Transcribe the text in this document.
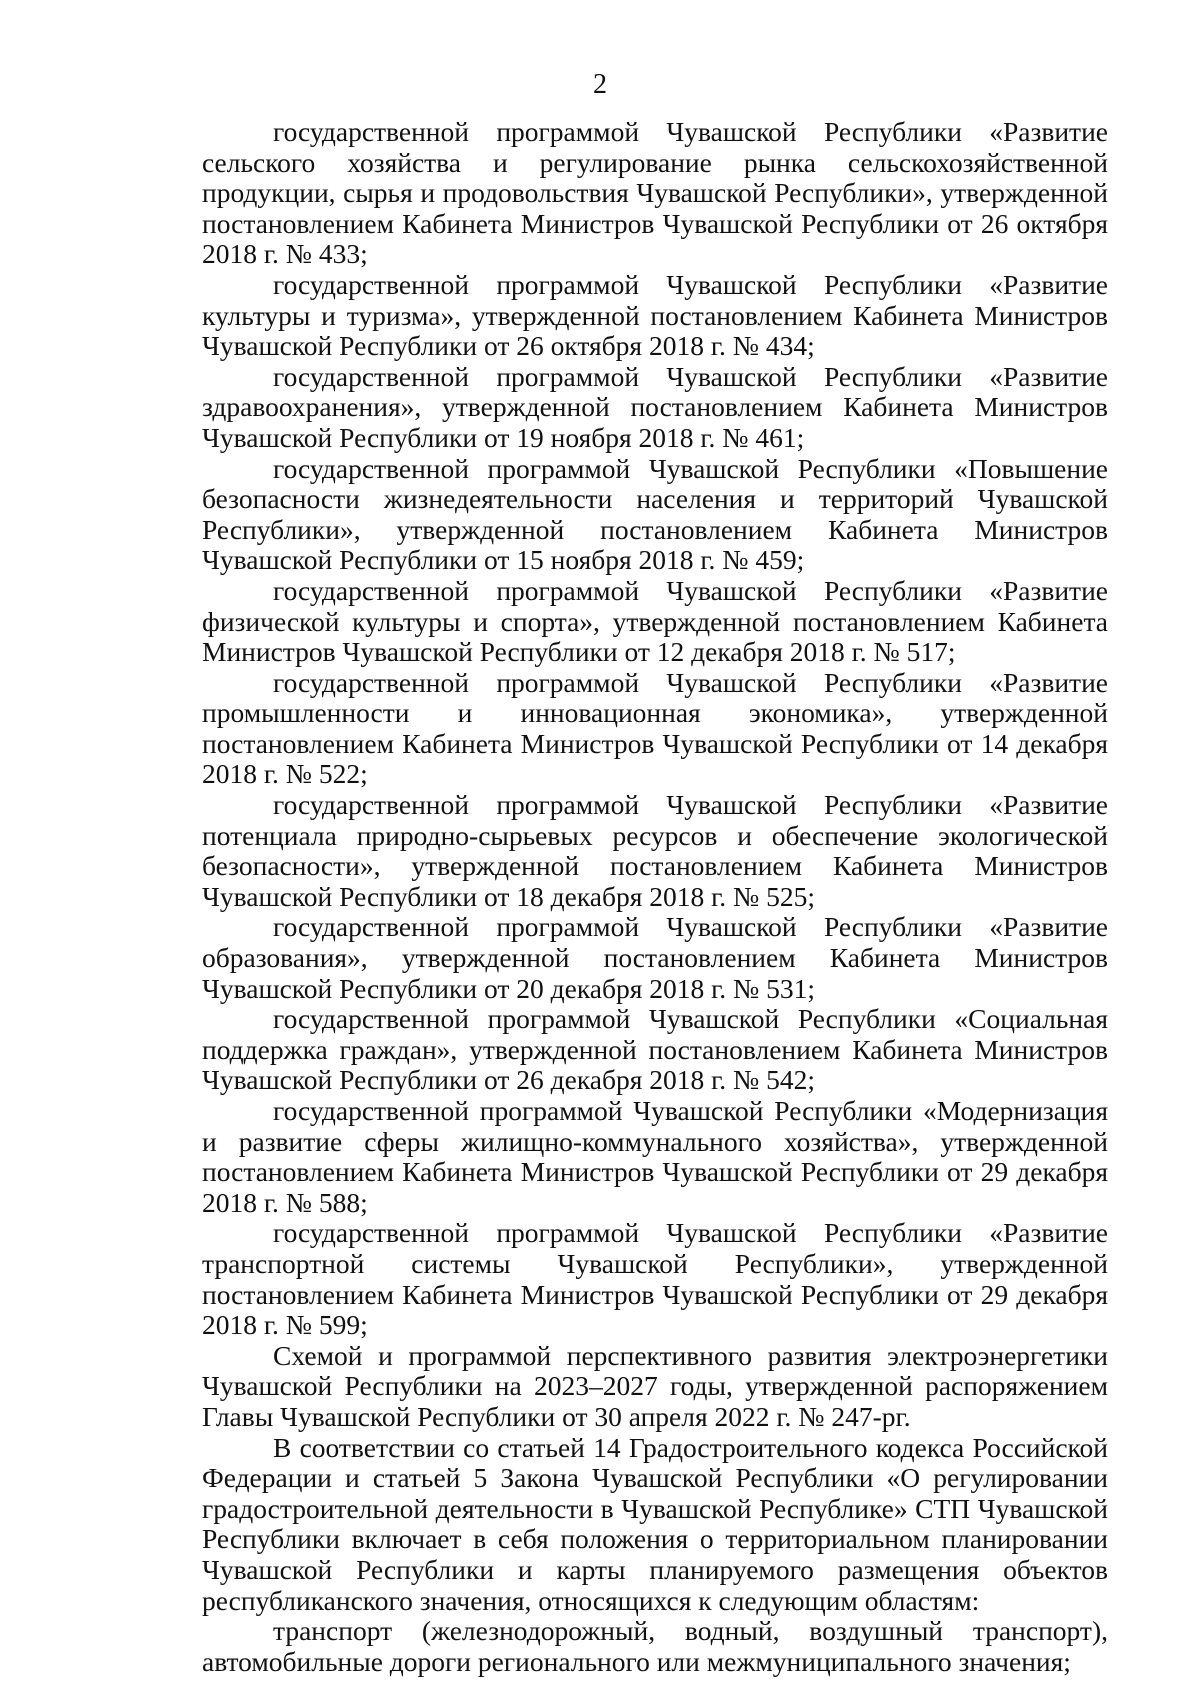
2

государственной программой Чувашской Республики «Развитие сельского хозяйства и регулирование рынка сельскохозяйственной продукции, сырья и продовольствия Чувашской Республики», утвержденной постановлением Кабинета Министров Чувашской Республики от 26 октября 2018 г. № 433;

государственной программой Чувашской Республики «Развитие культуры и туризма», утвержденной постановлением Кабинета Министров Чувашской Республики от 26 октября 2018 г. № 434;

государственной программой Чувашской Республики «Развитие здравоохранения», утвержденной постановлением Кабинета Министров Чувашской Республики от 19 ноября 2018 г. № 461;

государственной программой Чувашской Республики «Повышение безопасности жизнедеятельности населения и территорий Чувашской Республики», утвержденной постановлением Кабинета Министров Чувашской Республики от 15 ноября 2018 г. № 459;

государственной программой Чувашской Республики «Развитие физической культуры и спорта», утвержденной постановлением Кабинета Министров Чувашской Республики от 12 декабря 2018 г. № 517;

государственной программой Чувашской Республики «Развитие промышленности и инновационная экономика», утвержденной постановлением Кабинета Министров Чувашской Республики от 14 декабря 2018 г. № 522;

государственной программой Чувашской Республики «Развитие потенциала природно-сырьевых ресурсов и обеспечение экологической безопасности», утвержденной постановлением Кабинета Министров Чувашской Республики от 18 декабря 2018 г. № 525;

государственной программой Чувашской Республики «Развитие образования», утвержденной постановлением Кабинета Министров Чувашской Республики от 20 декабря 2018 г. № 531;

государственной программой Чувашской Республики «Социальная поддержка граждан», утвержденной постановлением Кабинета Министров Чувашской Республики от 26 декабря 2018 г. № 542;

государственной программой Чувашской Республики «Модернизация и развитие сферы жилищно-коммунального хозяйства», утвержденной постановлением Кабинета Министров Чувашской Республики от 29 декабря 2018 г. № 588;

государственной программой Чувашской Республики «Развитие транспортной системы Чувашской Республики», утвержденной постановлением Кабинета Министров Чувашской Республики от 29 декабря 2018 г. № 599;

Схемой и программой перспективного развития электроэнергетики Чувашской Республики на 2023–2027 годы, утвержденной распоряжением Главы Чувашской Республики от 30 апреля 2022 г. № 247-рг.

В соответствии со статьей 14 Градостроительного кодекса Российской Федерации и статьей 5 Закона Чувашской Республики «О регулировании градостроительной деятельности в Чувашской Республике» СТП Чувашской Республики включает в себя положения о территориальном планировании Чувашской Республики и карты планируемого размещения объектов республиканского значения, относящихся к следующим областям:

транспорт (железнодорожный, водный, воздушный транспорт), автомобильные дороги регионального или межмуниципального значения;
